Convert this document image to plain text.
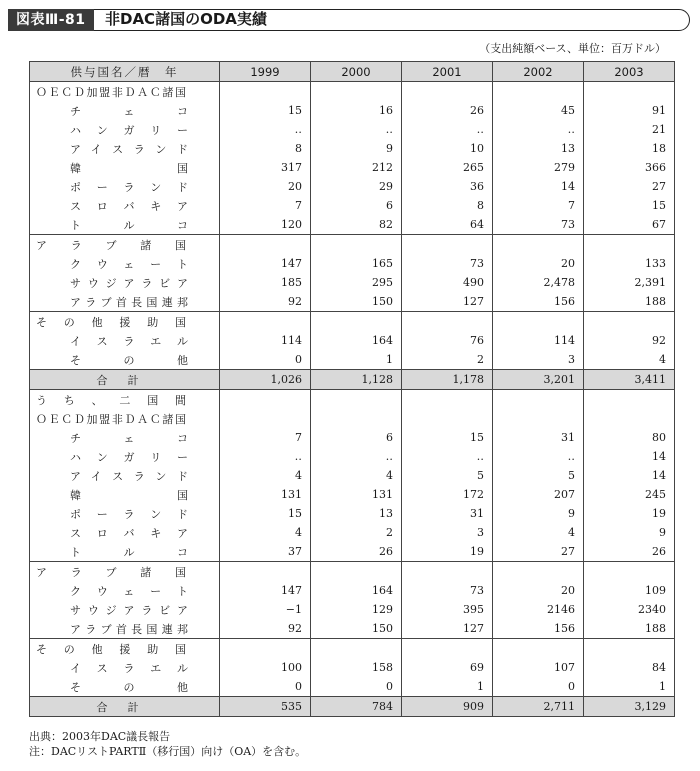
図表Ⅲ-81	非DAC諸国のODA実績
（支出純額ベース、単位：百万ドル）
供与国名／暦　年	1999	2000	2001	2002	2003

ＯＥＣＤ加盟非ＤＡＣ諸国					

チェコ	15	16	26	45	91

ハンガリー	‥	‥	‥	‥	21

アイスランド	8	9	10	13	18

韓国	317	212	265	279	366

ポーランド	20	29	36	14	27

スロバキア	7	6	8	7	15

トルコ	120	82	64	73	67

アラブ諸国					

クウェート	147	165	73	20	133

サウジアラビア	185	295	490	2,478	2,391

アラブ首長国連邦	92	150	127	156	188

その他援助国					

イスラエル	114	164	76	114	92

その他	0	1	2	3	4
合計	1,026	1,128	1,178	3,201	3,411

うち、二国間					

ＯＥＣＤ加盟非ＤＡＣ諸国					

チェコ	7	6	15	31	80

ハンガリー	‥	‥	‥	‥	14

アイスランド	4	4	5	5	14

韓国	131	131	172	207	245

ポーランド	15	13	31	9	19

スロバキア	4	2	3	4	9

トルコ	37	26	19	27	26

アラブ諸国					

クウェート	147	164	73	20	109

サウジアラビア	−1	129	395	2146	2340

アラブ首長国連邦	92	150	127	156	188

その他援助国					

イスラエル	100	158	69	107	84

その他	0	0	1	0	1
合計	535	784	909	2,711	3,129
出典：2003年DAC議長報告
注：DACリストPARTⅡ（移行国）向け（OA）を含む。
